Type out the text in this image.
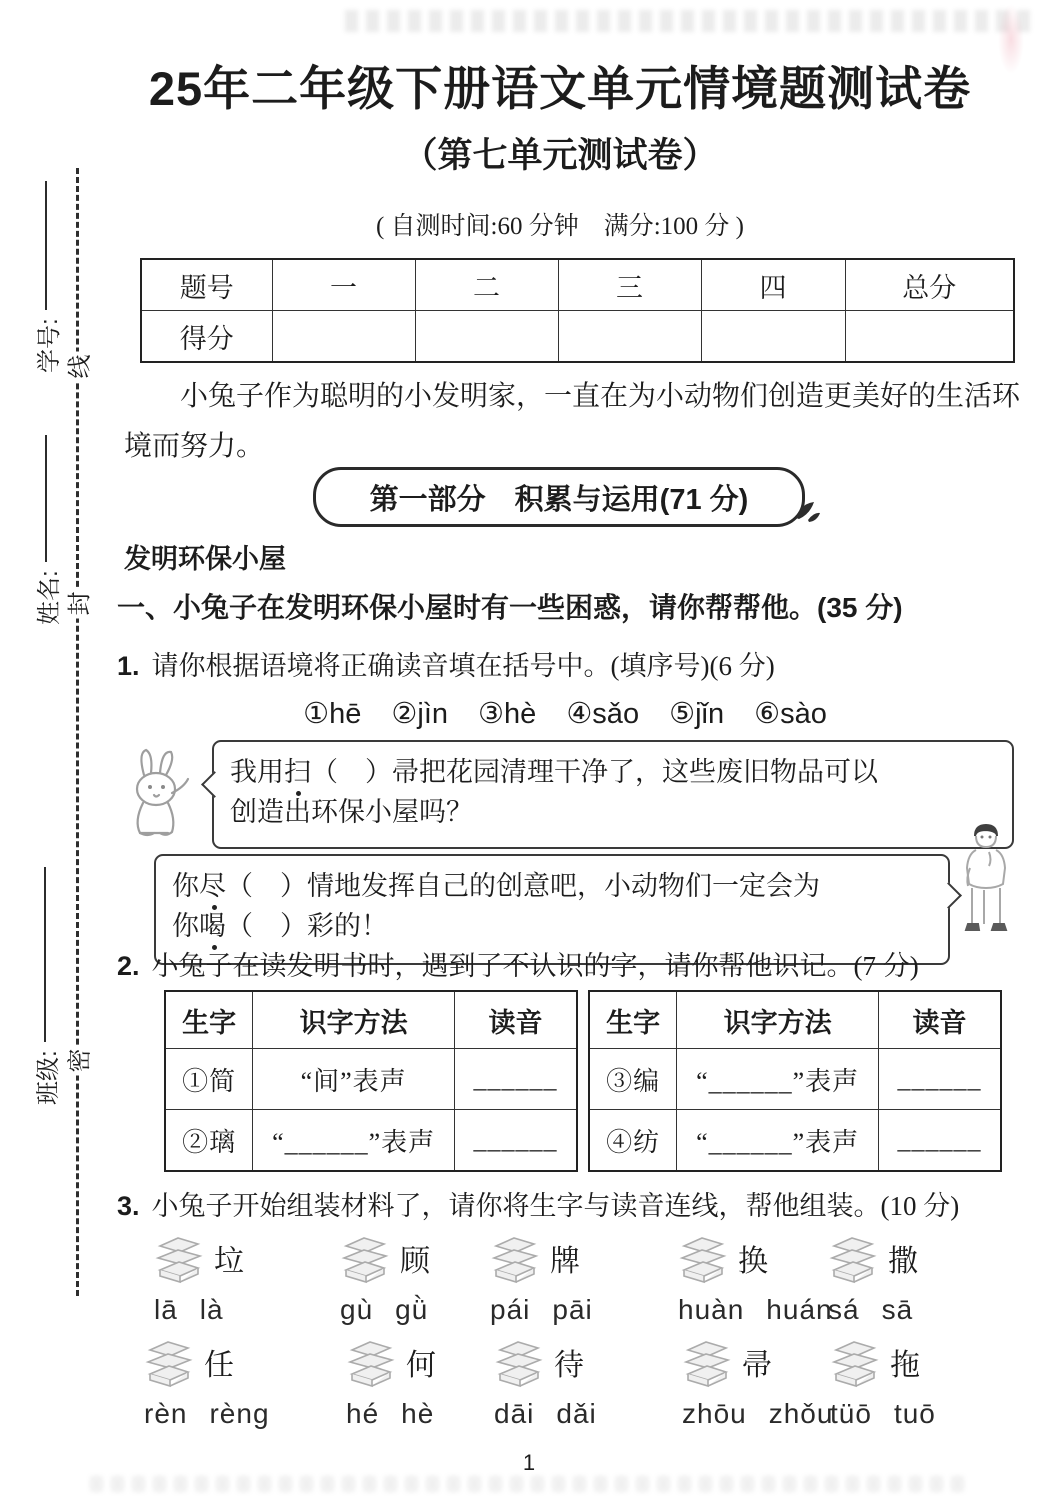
线
封
密
学号:
姓名:
班级:
25年二年级下册语文单元情境题测试卷
（第七单元测试卷）
( 自测时间:60 分钟　满分:100 分 )
题号	一	二	三	四	总分
得分					
小兔子作为聪明的小发明家，一直在为小动物们创造更美好的生活环境而努力。
第一部分　积累与运用(71 分)
发明环保小屋
一、小兔子在发明环保小屋时有一些困惑，请你帮帮他。(35 分)
1. 请你根据语境将正确读音填在括号中。(填序号)(6 分)
①hē ②jìn ③hè ④sǎo ⑤jǐn ⑥sào
我用扫（　）帚把花园清理干净了，这些废旧物品可以
创造出环保小屋吗？
你尽（　）情地发挥自己的创意吧，小动物们一定会为
你喝（　）彩的！
2. 小兔子在读发明书时，遇到了不认识的字，请你帮他识记。(7 分)
生字	识字方法	读音
①简	“间”表声	______
②璃	“______”表声	______
生字	识字方法	读音
③编	“______”表声	______
④纺	“______”表声	______
3. 小兔子开始组装材料了，请你将生字与读音连线，帮他组装。(10 分)
垃
lā là
顾
gù gǜ
牌
pái pāi
换
huàn huán
撒
sá sā
任
rèn rèng
何
hé hè
待
dāi dǎi
帚
zhōu zhǒu
拖
tüō tuō
1
